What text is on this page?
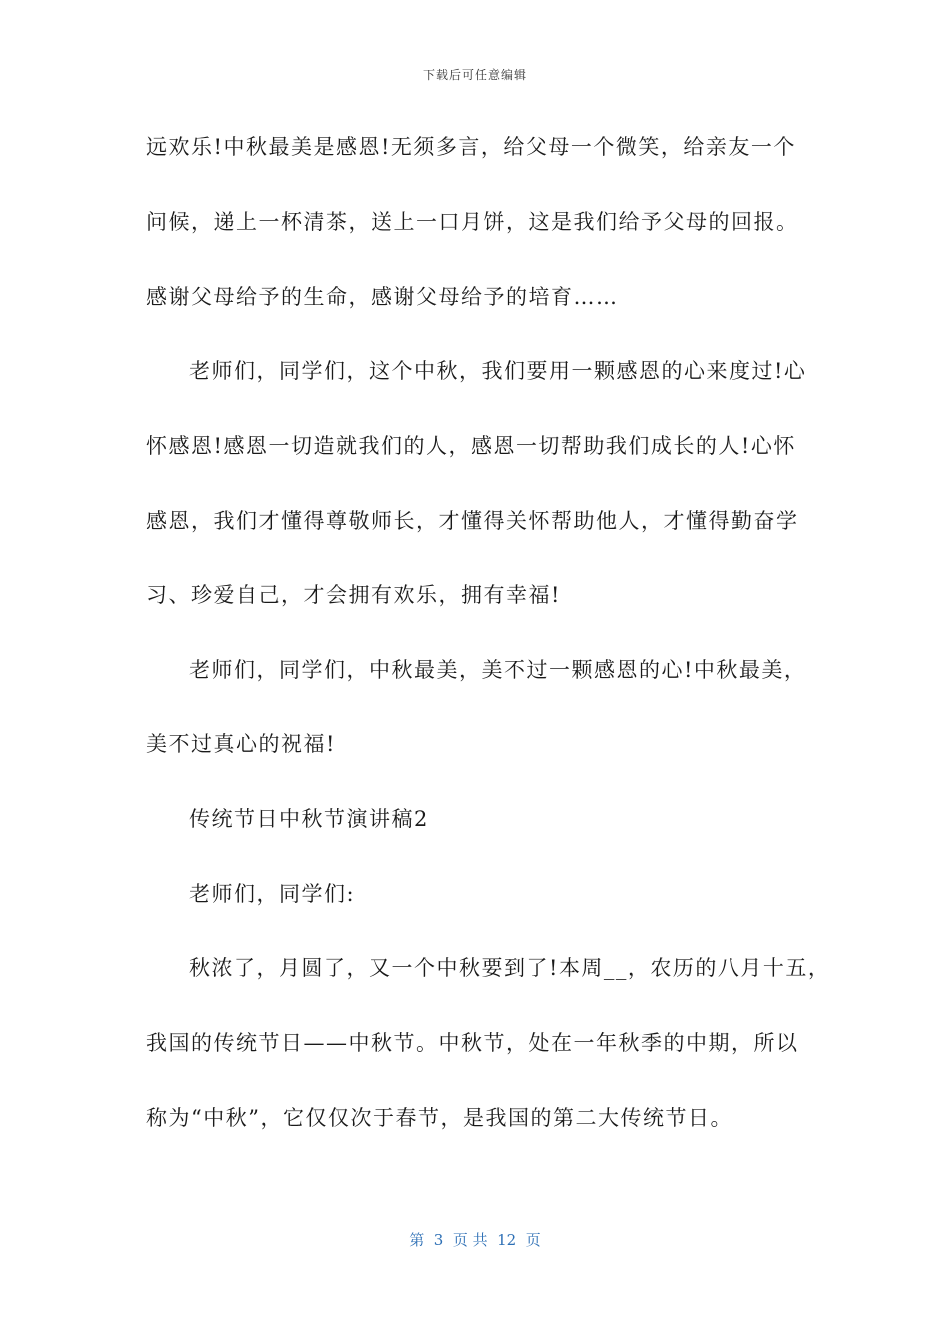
下载后可任意编辑
远欢乐!中秋最美是感恩!无须多言，给父母一个微笑，给亲友一个
问候，递上一杯清茶，送上一口月饼，这是我们给予父母的回报。
感谢父母给予的生命，感谢父母给予的培育……
老师们，同学们，这个中秋，我们要用一颗感恩的心来度过!心
怀感恩!感恩一切造就我们的人，感恩一切帮助我们成长的人!心怀
感恩，我们才懂得尊敬师长，才懂得关怀帮助他人，才懂得勤奋学
习、珍爱自己，才会拥有欢乐，拥有幸福!
老师们，同学们，中秋最美，美不过一颗感恩的心!中秋最美，
美不过真心的祝福!
传统节日中秋节演讲稿2
老师们，同学们:
秋浓了，月圆了，又一个中秋要到了!本周__，农历的八月十五，
我国的传统节日——中秋节。中秋节，处在一年秋季的中期，所以
称为“中秋”，它仅仅次于春节，是我国的第二大传统节日。
第  3  页 共  12  页
